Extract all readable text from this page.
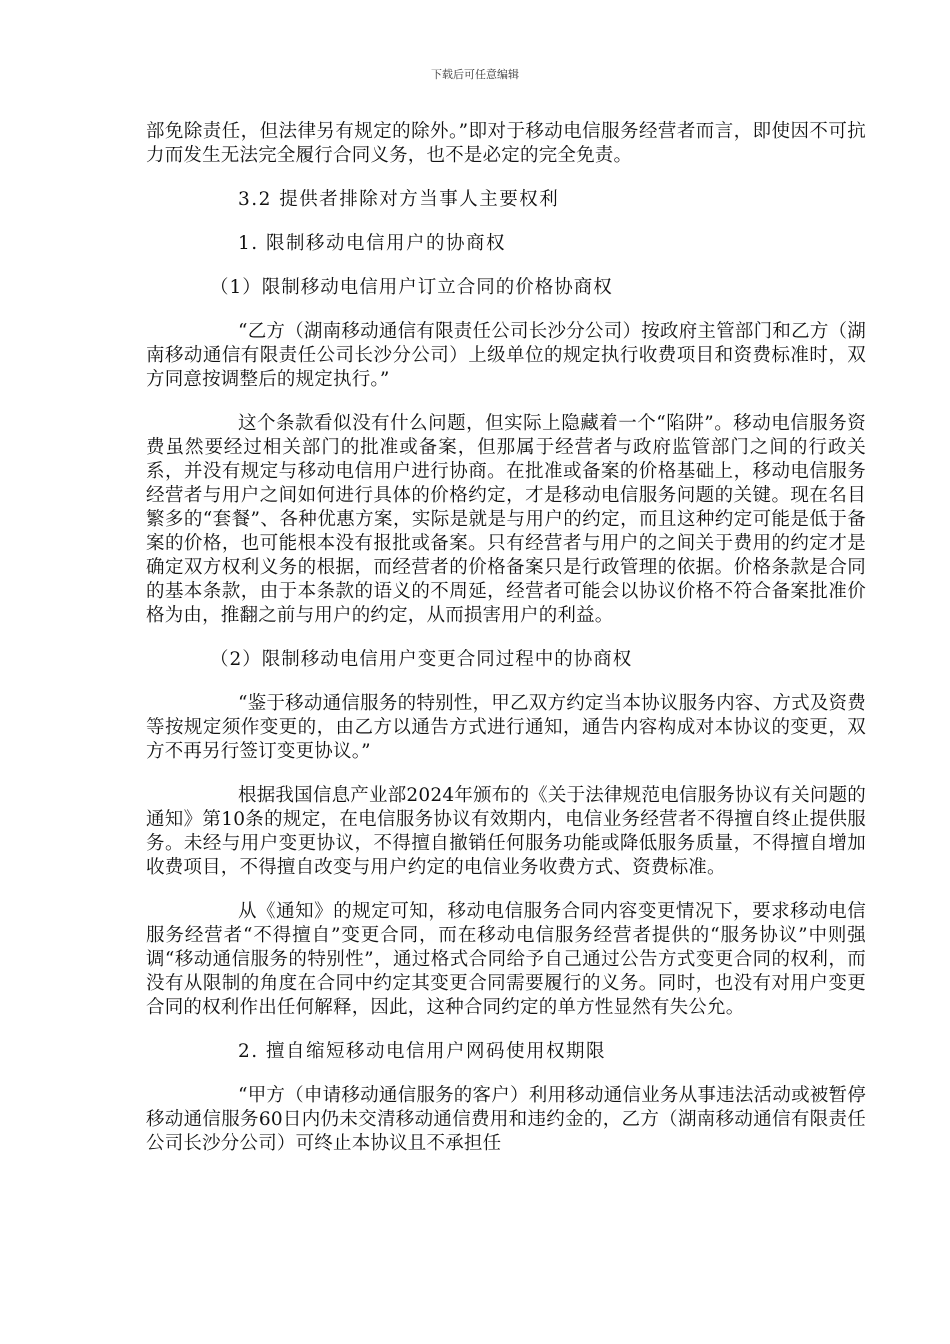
下载后可任意编辑

部免除责任，但法律另有规定的除外。”即对于移动电信服务经营者而言，即使因不可抗力而发生无法完全履行合同义务，也不是必定的完全免责。

3.2 提供者排除对方当事人主要权利

1. 限制移动电信用户的协商权

（1）限制移动电信用户订立合同的价格协商权

“乙方（湖南移动通信有限责任公司长沙分公司）按政府主管部门和乙方（湖南移动通信有限责任公司长沙分公司）上级单位的规定执行收费项目和资费标准时，双方同意按调整后的规定执行。”

这个条款看似没有什么问题，但实际上隐藏着一个“陷阱”。移动电信服务资费虽然要经过相关部门的批准或备案，但那属于经营者与政府监管部门之间的行政关系，并没有规定与移动电信用户进行协商。在批准或备案的价格基础上，移动电信服务经营者与用户之间如何进行具体的价格约定，才是移动电信服务问题的关键。现在名目繁多的“套餐”、各种优惠方案，实际是就是与用户的约定，而且这种约定可能是低于备案的价格，也可能根本没有报批或备案。只有经营者与用户的之间关于费用的约定才是确定双方权利义务的根据，而经营者的价格备案只是行政管理的依据。价格条款是合同的基本条款，由于本条款的语义的不周延，经营者可能会以协议价格不符合备案批准价格为由，推翻之前与用户的约定，从而损害用户的利益。

（2）限制移动电信用户变更合同过程中的协商权

“鉴于移动通信服务的特别性，甲乙双方约定当本协议服务内容、方式及资费等按规定须作变更的，由乙方以通告方式进行通知，通告内容构成对本协议的变更，双方不再另行签订变更协议。”

根据我国信息产业部2024年颁布的《关于法律规范电信服务协议有关问题的通知》第10条的规定，在电信服务协议有效期内，电信业务经营者不得擅自终止提供服务。未经与用户变更协议，不得擅自撤销任何服务功能或降低服务质量，不得擅自增加收费项目，不得擅自改变与用户约定的电信业务收费方式、资费标准。

从《通知》的规定可知，移动电信服务合同内容变更情况下，要求移动电信服务经营者“不得擅自”变更合同，而在移动电信服务经营者提供的“服务协议”中则强调“移动通信服务的特别性”，通过格式合同给予自己通过公告方式变更合同的权利，而没有从限制的角度在合同中约定其变更合同需要履行的义务。同时，也没有对用户变更合同的权利作出任何解释，因此，这种合同约定的单方性显然有失公允。

2. 擅自缩短移动电信用户网码使用权期限

“甲方（申请移动通信服务的客户）利用移动通信业务从事违法活动或被暂停移动通信服务60日内仍未交清移动通信费用和违约金的，乙方（湖南移动通信有限责任公司长沙分公司）可终止本协议且不承担任
